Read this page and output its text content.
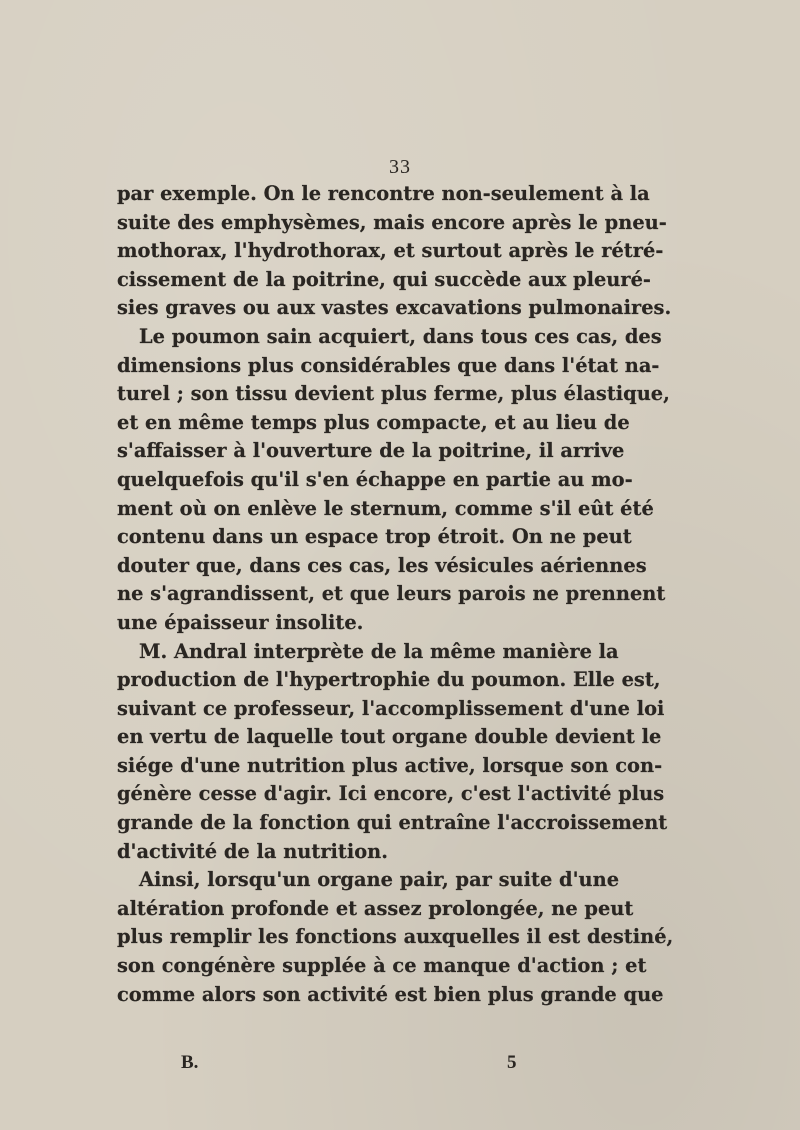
33

par exemple. On le rencontre non-seulement à la
suite des emphysèmes, mais encore après le pneu-
mothorax, l'hydrothorax, et surtout après le rétré-
cissement de la poitrine, qui succède aux pleuré-
sies graves ou aux vastes excavations pulmonaires.

Le poumon sain acquiert, dans tous ces cas, des
dimensions plus considérables que dans l'état na-
turel ; son tissu devient plus ferme, plus élastique,
et en même temps plus compacte, et au lieu de
s'affaisser à l'ouverture de la poitrine, il arrive
quelquefois qu'il s'en échappe en partie au mo-
ment où on enlève le sternum, comme s'il eût été
contenu dans un espace trop étroit. On ne peut
douter que, dans ces cas, les vésicules aériennes
ne s'agrandissent, et que leurs parois ne prennent
une épaisseur insolite.

M. Andral interprète de la même manière la
production de l'hypertrophie du poumon. Elle est,
suivant ce professeur, l'accomplissement d'une loi
en vertu de laquelle tout organe double devient le
siége d'une nutrition plus active, lorsque son con-
génère cesse d'agir. Ici encore, c'est l'activité plus
grande de la fonction qui entraîne l'accroissement
d'activité de la nutrition.

Ainsi, lorsqu'un organe pair, par suite d'une
altération profonde et assez prolongée, ne peut
plus remplir les fonctions auxquelles il est destiné,
son congénère supplée à ce manque d'action ; et
comme alors son activité est bien plus grande que

B.	5
